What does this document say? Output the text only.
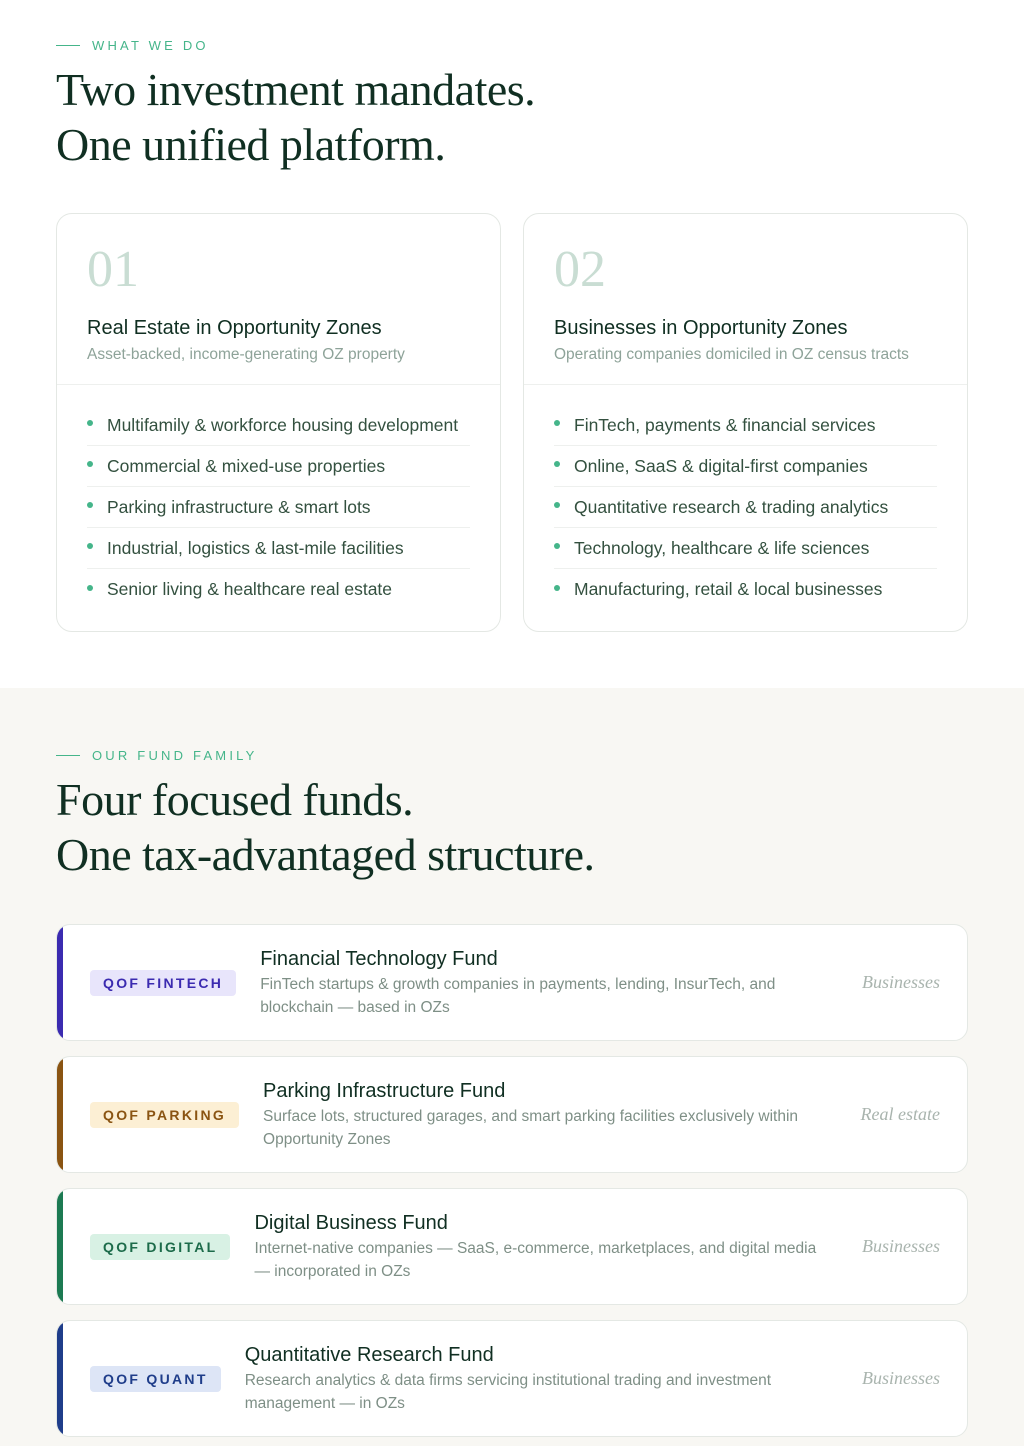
WHAT WE DO
Two investment mandates.
One unified platform.
01
Real Estate in Opportunity Zones
Asset-backed, income-generating OZ property
Multifamily & workforce housing development
Commercial & mixed-use properties
Parking infrastructure & smart lots
Industrial, logistics & last-mile facilities
Senior living & healthcare real estate
02
Businesses in Opportunity Zones
Operating companies domiciled in OZ census tracts
FinTech, payments & financial services
Online, SaaS & digital-first companies
Quantitative research & trading analytics
Technology, healthcare & life sciences
Manufacturing, retail & local businesses
OUR FUND FAMILY
Four focused funds.
One tax-advantaged structure.
QOF FINTECH
Financial Technology Fund
FinTech startups & growth companies in payments, lending, InsurTech, and blockchain — based in OZs
Businesses
QOF PARKING
Parking Infrastructure Fund
Surface lots, structured garages, and smart parking facilities exclusively within Opportunity Zones
Real estate
QOF DIGITAL
Digital Business Fund
Internet-native companies — SaaS, e-commerce, marketplaces, and digital media — incorporated in OZs
Businesses
QOF QUANT
Quantitative Research Fund
Research analytics & data firms servicing institutional trading and investment management — in OZs
Businesses
